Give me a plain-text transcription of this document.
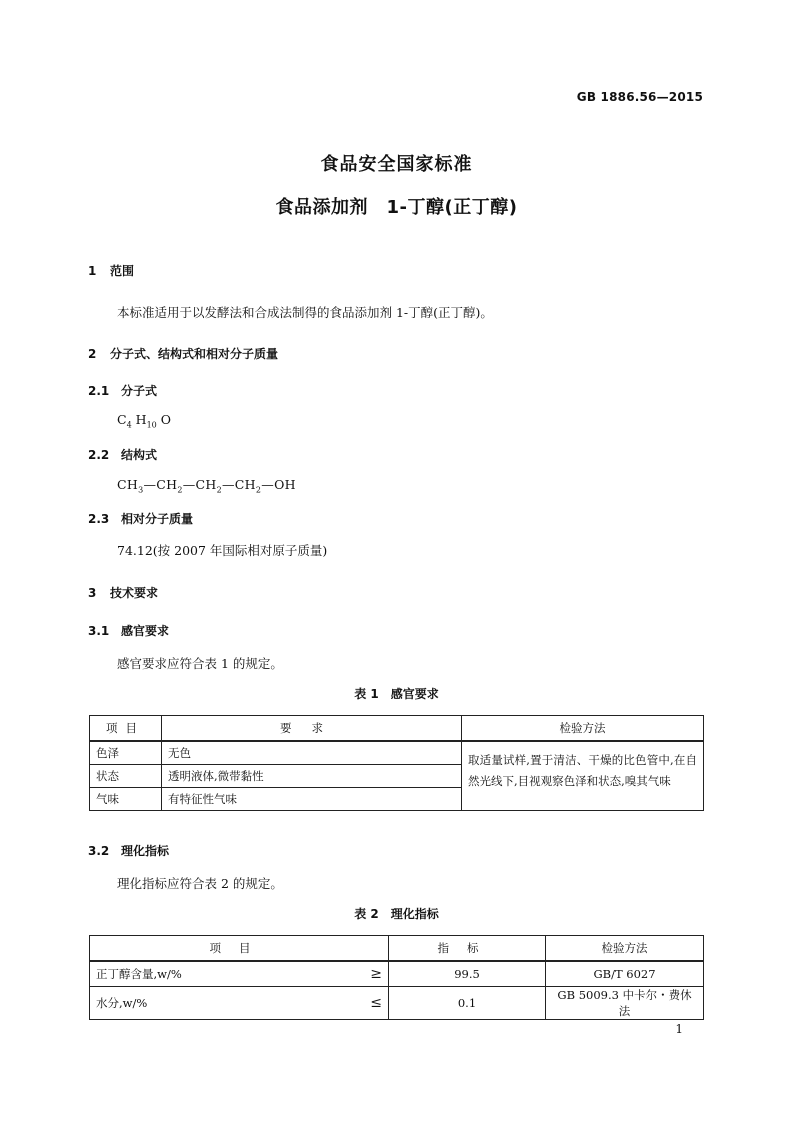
GB 1886.56—2015
食品安全国家标准
食品添加剂　1-丁醇(正丁醇)
1 范围
本标准适用于以发酵法和合成法制得的食品添加剂 1-丁醇(正丁醇)。
2 分子式、结构式和相对分子质量
2.1 分子式
$C_4$ $H_{10}$ O
2.2 结构式
$CH_3—CH_2—CH_2—CH_2—OH$
2.3 相对分子质量
74.12(按 2007 年国际相对原子质量)
3 技术要求
3.1 感官要求
感官要求应符合表 1 的规定。
表 1　感官要求
项目	要求	检验方法
色泽	无色	取适量试样,置于清洁、干燥的比色管中,在自然光线下,目视观察色泽和状态,嗅其气味
状态	透明液体,微带黏性	
气味	有特征性气味	
3.2 理化指标
理化指标应符合表 2 的规定。
表 2　理化指标
项目		指标	检验方法
正丁醇含量,w/%	≥	99.5	GB/T 6027
水分,w/%	≤	0.1	GB 5009.3 中卡尔・费休法
1
